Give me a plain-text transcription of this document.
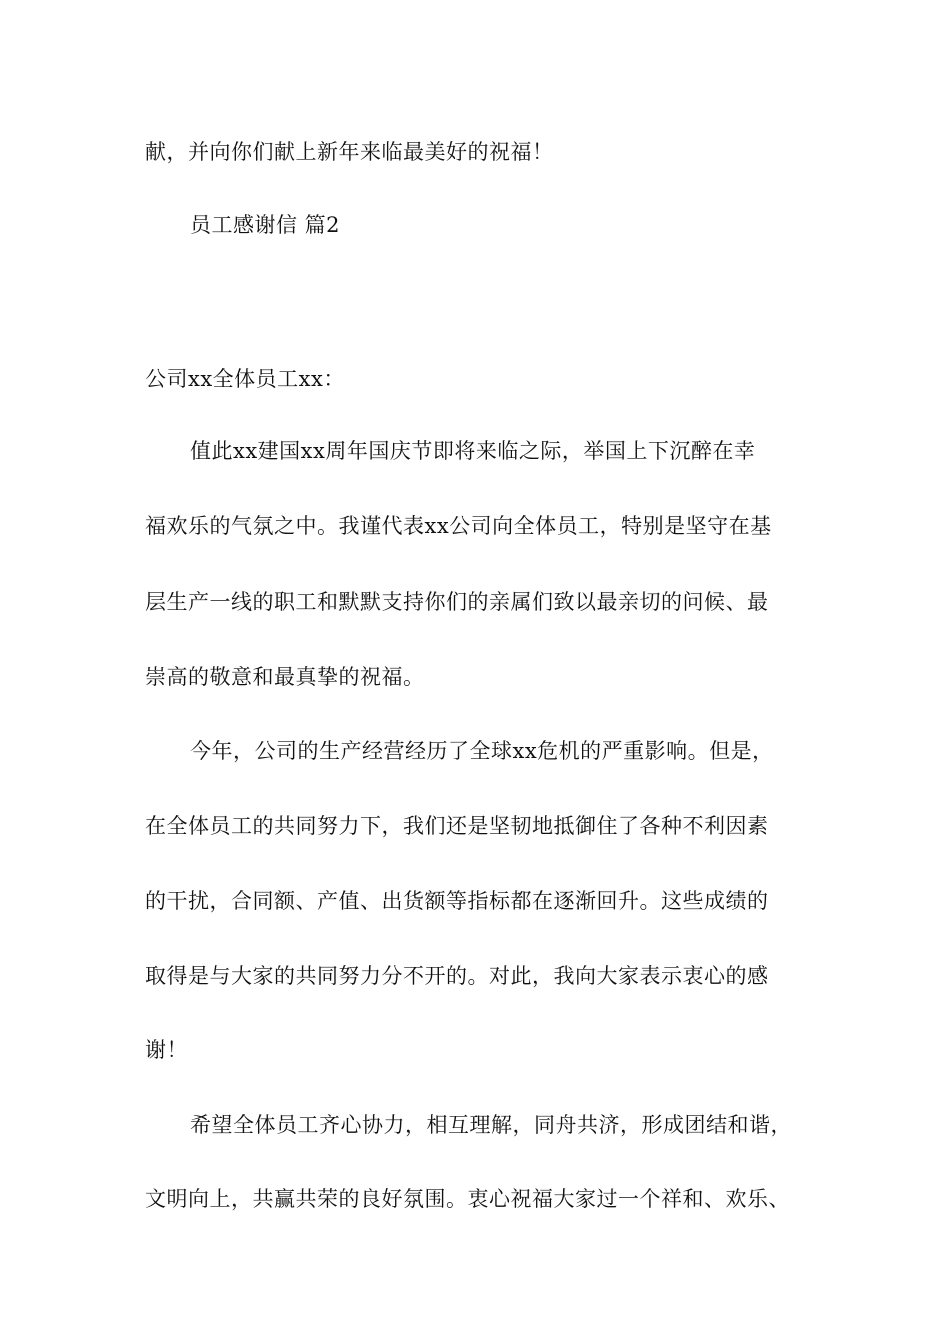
献，并向你们献上新年来临最美好的祝福！
员工感谢信 篇2
公司xx全体员工xx：
值此xx建国xx周年国庆节即将来临之际，举国上下沉醉在幸
福欢乐的气氛之中。我谨代表xx公司向全体员工，特别是坚守在基
层生产一线的职工和默默支持你们的亲属们致以最亲切的问候、最
崇高的敬意和最真挚的祝福。
今年，公司的生产经营经历了全球xx危机的严重影响。但是，
在全体员工的共同努力下，我们还是坚韧地抵御住了各种不利因素
的干扰，合同额、产值、出货额等指标都在逐渐回升。这些成绩的
取得是与大家的共同努力分不开的。对此，我向大家表示衷心的感
谢！
希望全体员工齐心协力，相互理解，同舟共济，形成团结和谐，
文明向上，共赢共荣的良好氛围。衷心祝福大家过一个祥和、欢乐、
